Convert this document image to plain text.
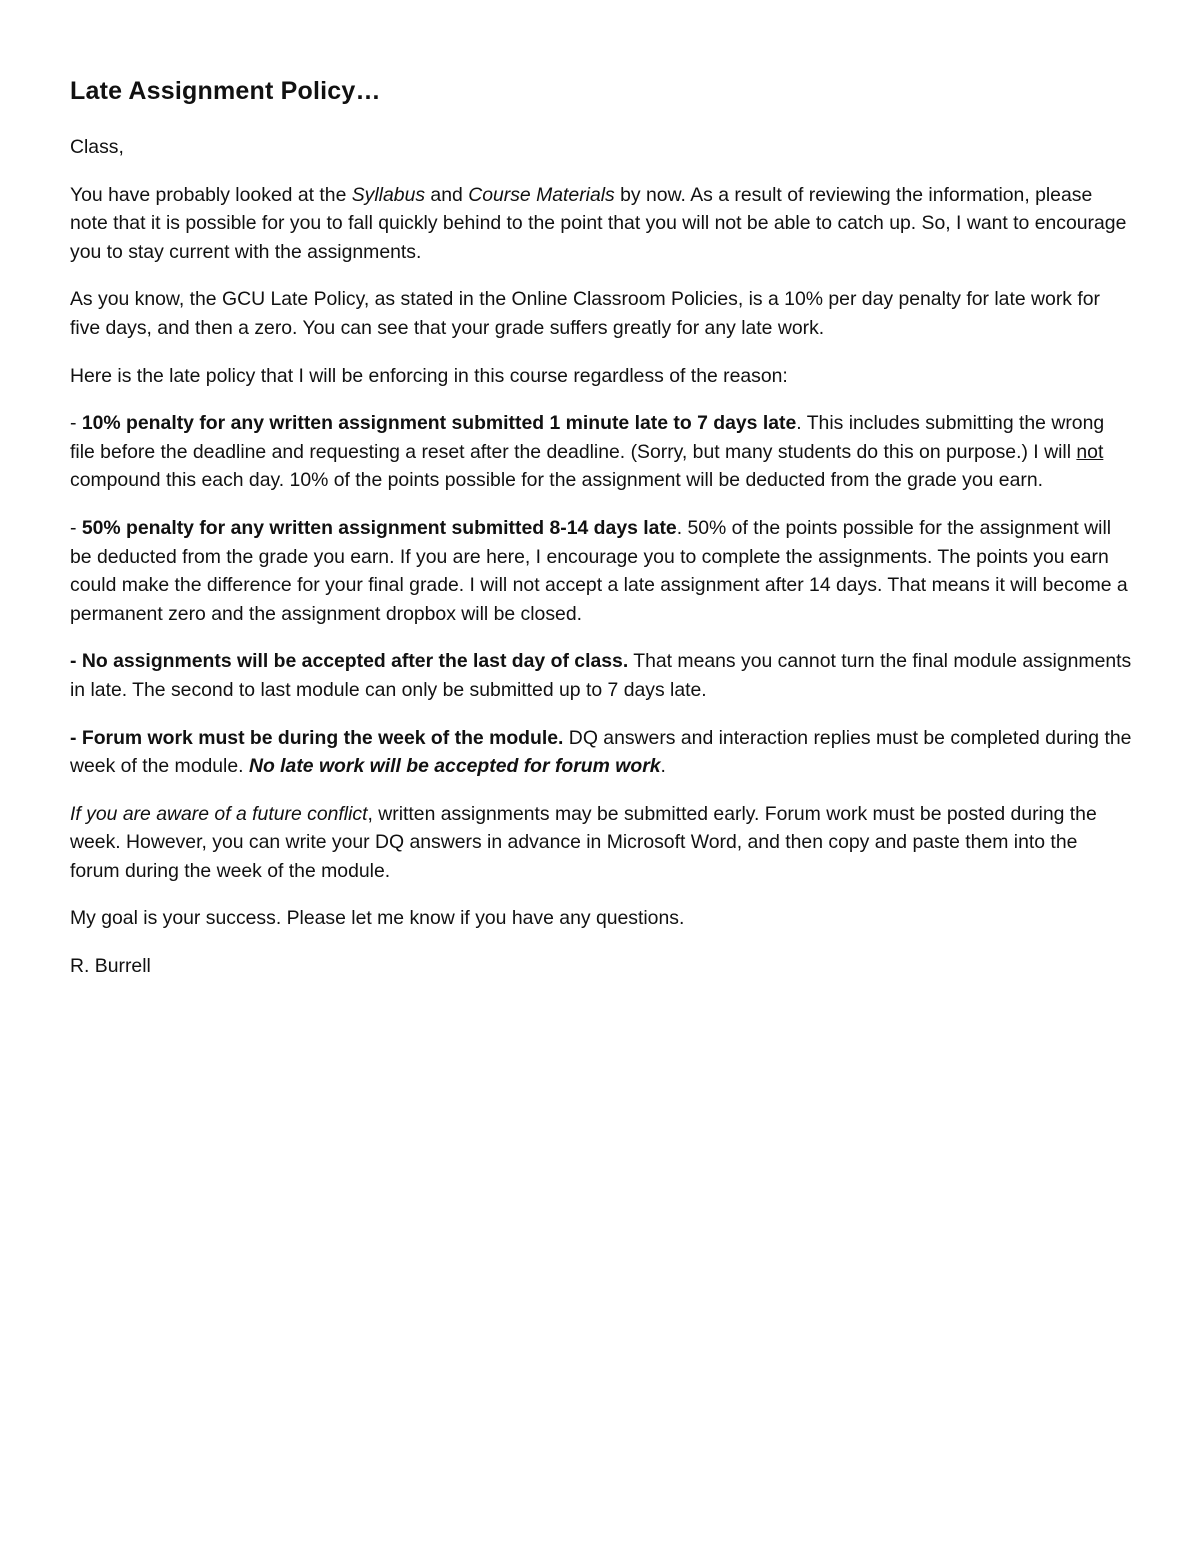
Late Assignment Policy…

Class,

You have probably looked at the Syllabus and Course Materials by now. As a result of reviewing the information, please note that it is possible for you to fall quickly behind to the point that you will not be able to catch up. So, I want to encourage you to stay current with the assignments.

As you know, the GCU Late Policy, as stated in the Online Classroom Policies, is a 10% per day penalty for late work for five days, and then a zero. You can see that your grade suffers greatly for any late work.

Here is the late policy that I will be enforcing in this course regardless of the reason:

- 10% penalty for any written assignment submitted 1 minute late to 7 days late. This includes submitting the wrong file before the deadline and requesting a reset after the deadline. (Sorry, but many students do this on purpose.) I will not compound this each day. 10% of the points possible for the assignment will be deducted from the grade you earn.

- 50% penalty for any written assignment submitted 8-14 days late. 50% of the points possible for the assignment will be deducted from the grade you earn. If you are here, I encourage you to complete the assignments. The points you earn could make the difference for your final grade. I will not accept a late assignment after 14 days. That means it will become a permanent zero and the assignment dropbox will be closed.

- No assignments will be accepted after the last day of class. That means you cannot turn the final module assignments in late. The second to last module can only be submitted up to 7 days late.

- Forum work must be during the week of the module. DQ answers and interaction replies must be completed during the week of the module. No late work will be accepted for forum work.

If you are aware of a future conflict, written assignments may be submitted early. Forum work must be posted during the week. However, you can write your DQ answers in advance in Microsoft Word, and then copy and paste them into the forum during the week of the module.

My goal is your success. Please let me know if you have any questions.

R. Burrell
